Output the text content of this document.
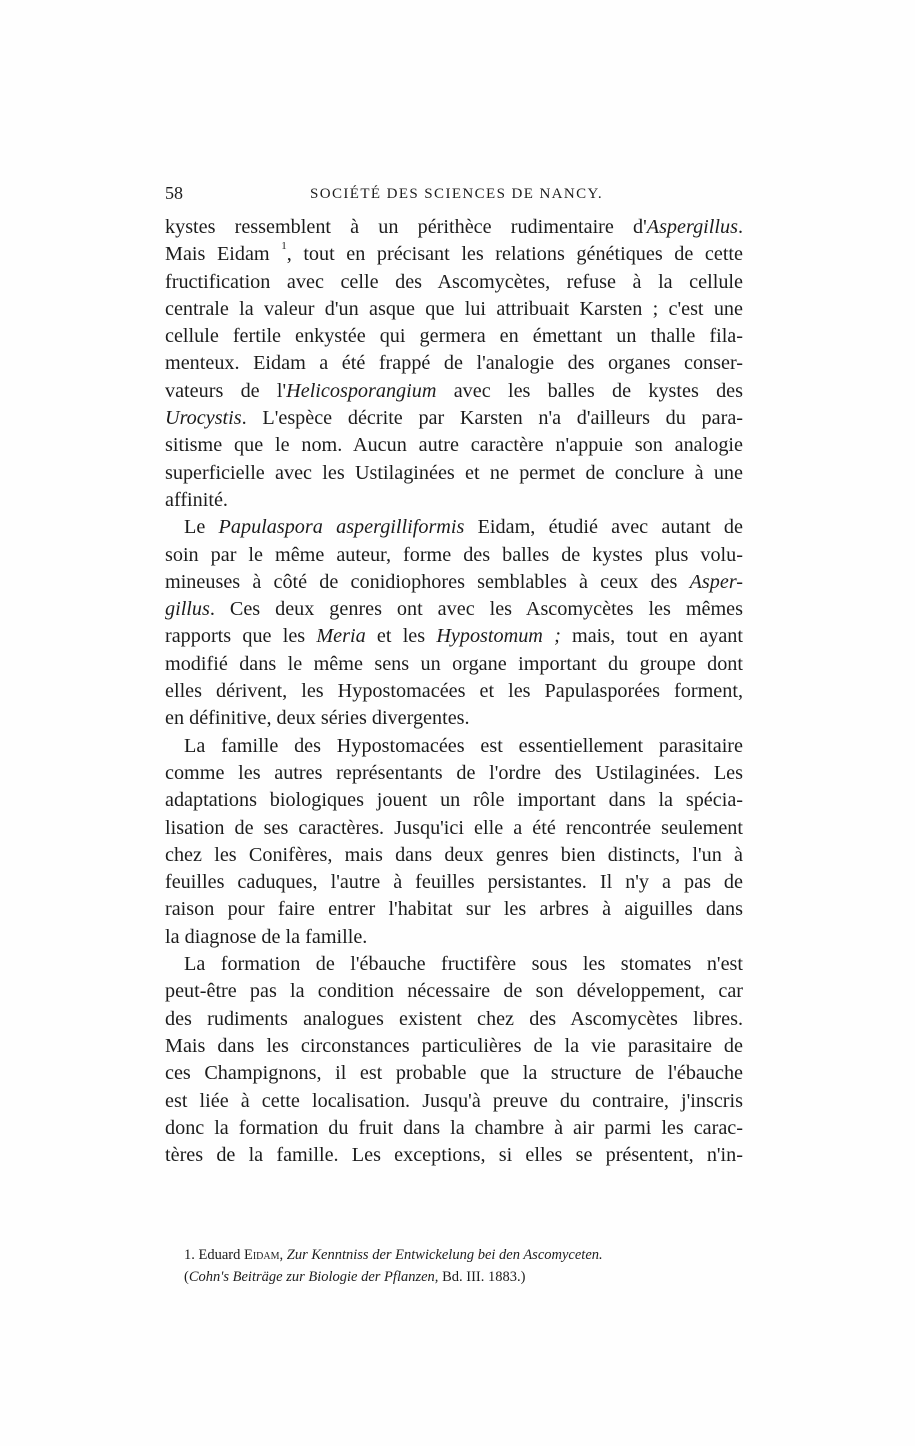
58	SOCIÉTÉ DES SCIENCES DE NANCY.
kystes ressemblent à un périthèce rudimentaire d'Aspergillus.
Mais Eidam $^1$, tout en précisant les relations génétiques de cette
fructification avec celle des Ascomycètes, refuse à la cellule
centrale la valeur d'un asque que lui attribuait Karsten ; c'est une
cellule fertile enkystée qui germera en émettant un thalle fila-
menteux. Eidam a été frappé de l'analogie des organes conser-
vateurs de l'Helicosporangium avec les balles de kystes des
Urocystis. L'espèce décrite par Karsten n'a d'ailleurs du para-
sitisme que le nom. Aucun autre caractère n'appuie son analogie
superficielle avec les Ustilaginées et ne permet de conclure à une
affinité.
Le Papulaspora aspergilliformis Eidam, étudié avec autant de
soin par le même auteur, forme des balles de kystes plus volu-
mineuses à côté de conidiophores semblables à ceux des Asper-
gillus. Ces deux genres ont avec les Ascomycètes les mêmes
rapports que les Meria et les Hypostomum ; mais, tout en ayant
modifié dans le même sens un organe important du groupe dont
elles dérivent, les Hypostomacées et les Papulasporées forment,
en définitive, deux séries divergentes.
La famille des Hypostomacées est essentiellement parasitaire
comme les autres représentants de l'ordre des Ustilaginées. Les
adaptations biologiques jouent un rôle important dans la spécia-
lisation de ses caractères. Jusqu'ici elle a été rencontrée seulement
chez les Conifères, mais dans deux genres bien distincts, l'un à
feuilles caduques, l'autre à feuilles persistantes. Il n'y a pas de
raison pour faire entrer l'habitat sur les arbres à aiguilles dans
la diagnose de la famille.
La formation de l'ébauche fructifère sous les stomates n'est
peut-être pas la condition nécessaire de son développement, car
des rudiments analogues existent chez des Ascomycètes libres.
Mais dans les circonstances particulières de la vie parasitaire de
ces Champignons, il est probable que la structure de l'ébauche
est liée à cette localisation. Jusqu'à preuve du contraire, j'inscris
donc la formation du fruit dans la chambre à air parmi les carac-
tères de la famille. Les exceptions, si elles se présentent, n'in-
1. Eduard Eidam, Zur Kenntniss der Entwickelung bei den Ascomyceten.
(Cohn's Beiträge zur Biologie der Pflanzen, Bd. III. 1883.)
